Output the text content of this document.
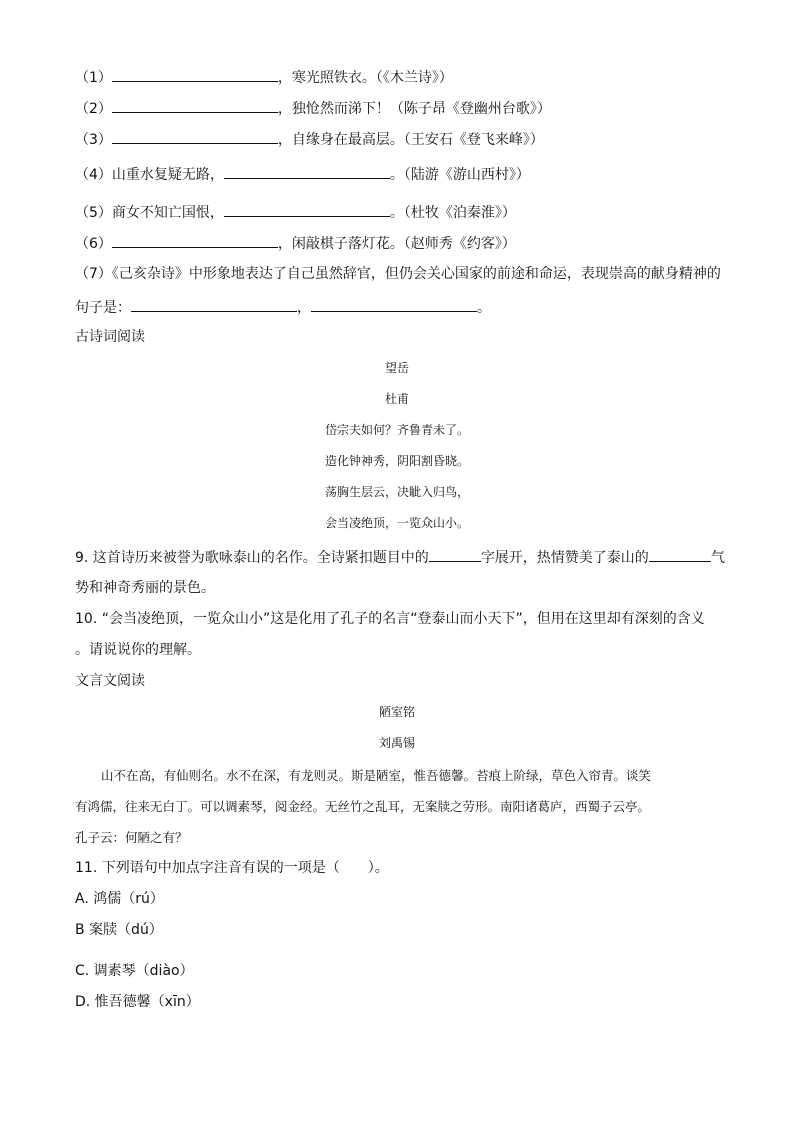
（1）	，寒光照铁衣。（《木兰诗》）
（2）	，独怆然而涕下！（陈子昂《登幽州台歌》）
（3）	，自缘身在最高层。（王安石《登飞来峰》）
（4）山重水复疑无路，	。（陆游《游山西村》）
（5）商女不知亡国恨，	。（杜牧《泊秦淮》）
（6）	，闲敲棋子落灯花。（赵师秀《约客》）
（7）《己亥杂诗》中形象地表达了自己虽然辞官，但仍会关心国家的前途和命运，表现崇高的献身精神的
句子是：	，	。
古诗词阅读
望岳
杜甫
岱宗夫如何？齐鲁青未了。
造化钟神秀，阴阳割昏晓。
荡胸生层云，决眦入归鸟，
会当凌绝顶，一览众山小。
9. 这首诗历来被誉为歌咏泰山的名作。全诗紧扣题目中的	字展开，热情赞美了泰山的	气
势和神奇秀丽的景色。
10. “会当凌绝顶，一览众山小”这是化用了孔子的名言“登泰山而小天下”，但用在这里却有深刻的含义
。请说说你的理解。
文言文阅读
陋室铭
刘禹锡
山不在高，有仙则名。水不在深，有龙则灵。斯是陋室，惟吾德馨。苔痕上阶绿，草色入帘青。谈笑
有鸿儒，往来无白丁。可以调素琴，阅金经。无丝竹之乱耳，无案牍之劳形。南阳诸葛庐，西蜀子云亭。
孔子云：何陋之有？
11. 下列语句中加点字注音有误的一项是（　　）。
A. 鸿儒（rú）
B 案牍（dú）
C. 调素琴（diào）
D. 惟吾德馨（xīn）
